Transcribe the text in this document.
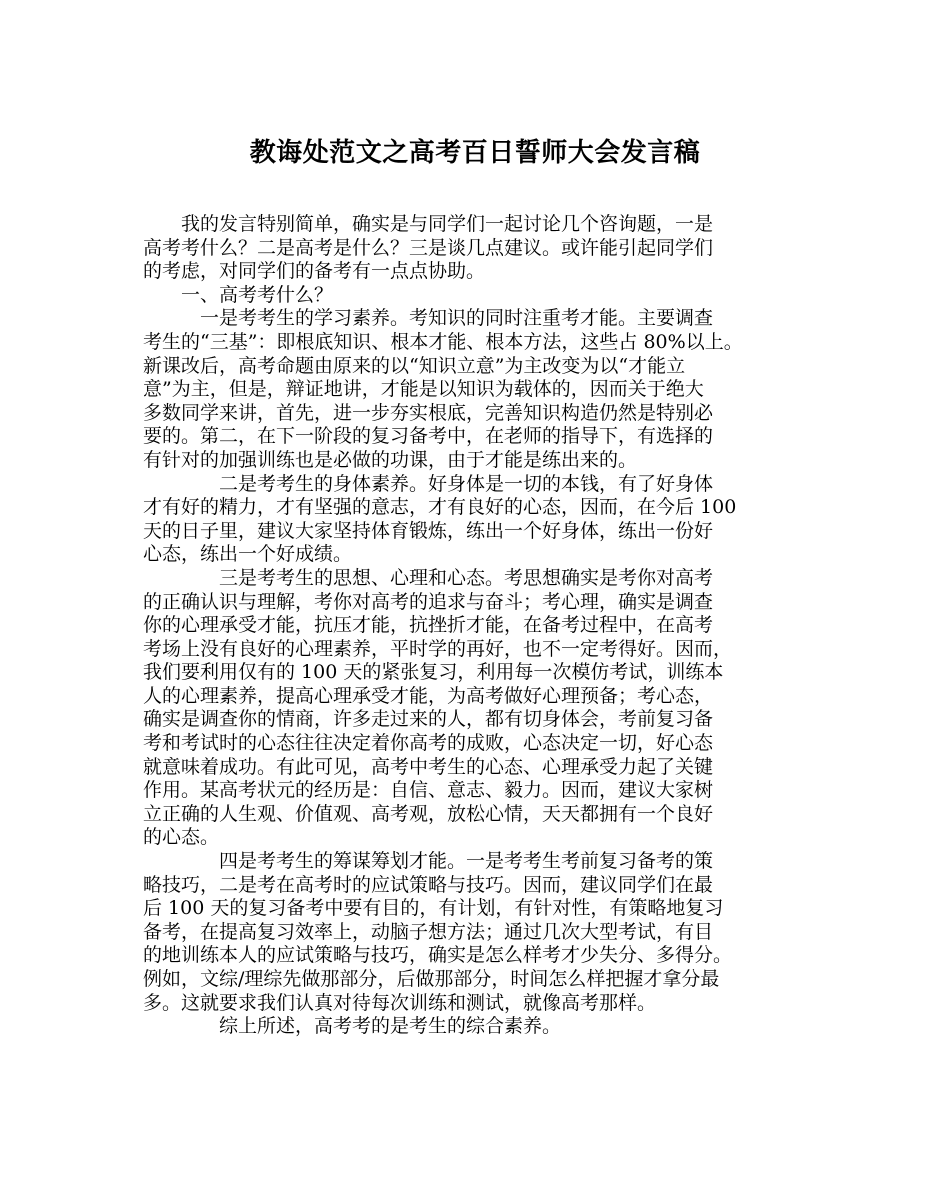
教诲处范文之高考百日誓师大会发言稿
　　我的发言特别简单，确实是与同学们一起讨论几个咨询题，一是
高考考什么？二是高考是什么？三是谈几点建议。或许能引起同学们
的考虑，对同学们的备考有一点点协助。
　　一、高考考什么？
　　　一是考考生的学习素养。考知识的同时注重考才能。主要调查
考生的“三基”：即根底知识、根本才能、根本方法，这些占 80%以上。
新课改后，高考命题由原来的以“知识立意”为主改变为以“才能立
意”为主，但是，辩证地讲，才能是以知识为载体的，因而关于绝大
多数同学来讲，首先，进一步夯实根底，完善知识构造仍然是特别必
要的。第二，在下一阶段的复习备考中，在老师的指导下，有选择的
有针对的加强训练也是必做的功课，由于才能是练出来的。
　　　　二是考考生的身体素养。好身体是一切的本钱，有了好身体
才有好的精力，才有坚强的意志，才有良好的心态，因而，在今后 100
天的日子里，建议大家坚持体育锻炼，练出一个好身体，练出一份好
心态，练出一个好成绩。
　　　　三是考考生的思想、心理和心态。考思想确实是考你对高考
的正确认识与理解，考你对高考的追求与奋斗；考心理，确实是调查
你的心理承受才能，抗压才能，抗挫折才能，在备考过程中，在高考
考场上没有良好的心理素养，平时学的再好，也不一定考得好。因而，
我们要利用仅有的 100 天的紧张复习，利用每一次模仿考试，训练本
人的心理素养，提高心理承受才能，为高考做好心理预备；考心态，
确实是调查你的情商，许多走过来的人，都有切身体会，考前复习备
考和考试时的心态往往决定着你高考的成败，心态决定一切，好心态
就意味着成功。有此可见，高考中考生的心态、心理承受力起了关键
作用。某高考状元的经历是：自信、意志、毅力。因而，建议大家树
立正确的人生观、价值观、高考观，放松心情，天天都拥有一个良好
的心态。
　　　　四是考考生的筹谋筹划才能。一是考考生考前复习备考的策
略技巧，二是考在高考时的应试策略与技巧。因而，建议同学们在最
后 100 天的复习备考中要有目的，有计划，有针对性，有策略地复习
备考，在提高复习效率上，动脑子想方法；通过几次大型考试，有目
的地训练本人的应试策略与技巧，确实是怎么样考才少失分、多得分。
例如，文综/理综先做那部分，后做那部分，时间怎么样把握才拿分最
多。这就要求我们认真对待每次训练和测试，就像高考那样。
　　　　综上所述，高考考的是考生的综合素养。
